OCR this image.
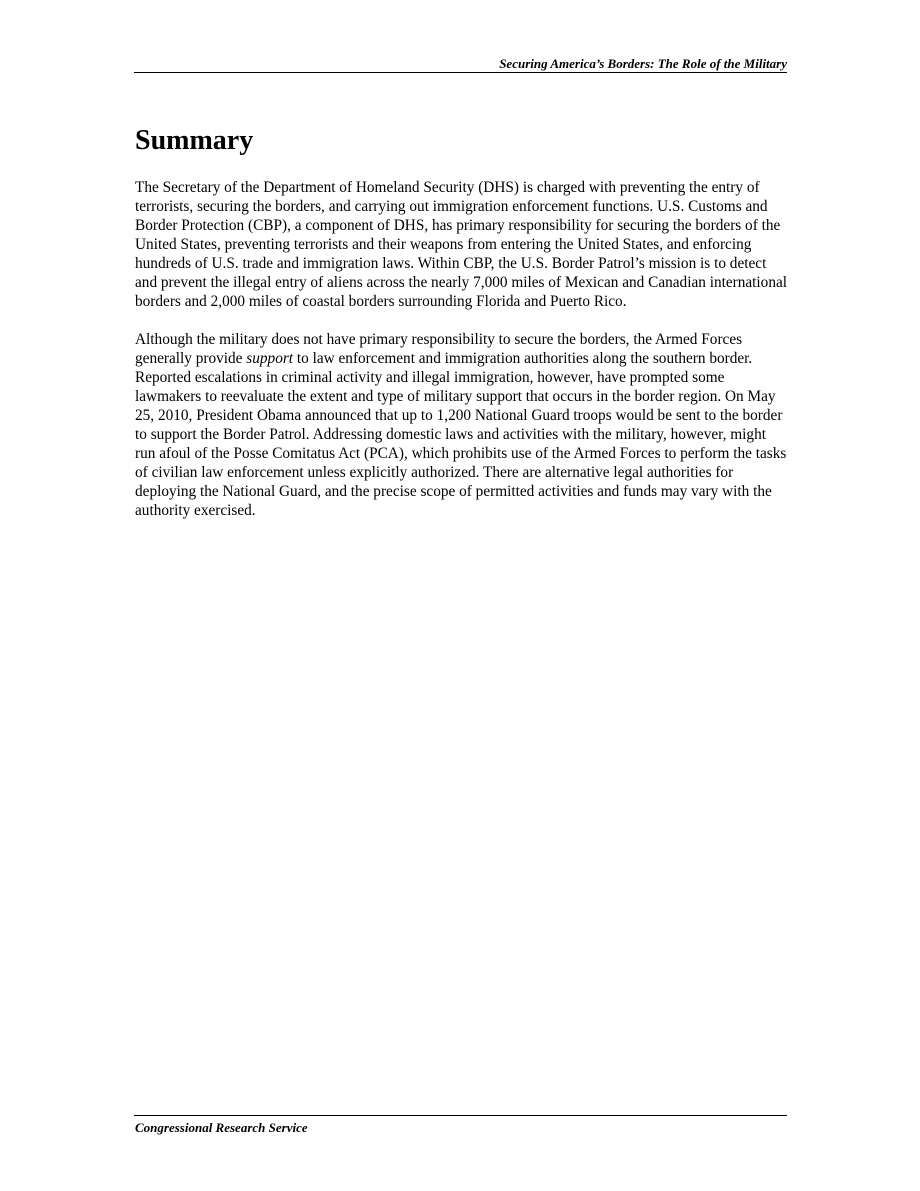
Securing America’s Borders: The Role of the Military
Summary

The Secretary of the Department of Homeland Security (DHS) is charged with preventing the entry of terrorists, securing the borders, and carrying out immigration enforcement functions. U.S. Customs and Border Protection (CBP), a component of DHS, has primary responsibility for securing the borders of the United States, preventing terrorists and their weapons from entering the United States, and enforcing hundreds of U.S. trade and immigration laws. Within CBP, the U.S. Border Patrol’s mission is to detect and prevent the illegal entry of aliens across the nearly 7,000 miles of Mexican and Canadian international borders and 2,000 miles of coastal borders surrounding Florida and Puerto Rico.

Although the military does not have primary responsibility to secure the borders, the Armed Forces generally provide support to law enforcement and immigration authorities along the southern border. Reported escalations in criminal activity and illegal immigration, however, have prompted some lawmakers to reevaluate the extent and type of military support that occurs in the border region. On May 25, 2010, President Obama announced that up to 1,200 National Guard troops would be sent to the border to support the Border Patrol. Addressing domestic laws and activities with the military, however, might run afoul of the Posse Comitatus Act (PCA), which prohibits use of the Armed Forces to perform the tasks of civilian law enforcement unless explicitly authorized. There are alternative legal authorities for deploying the National Guard, and the precise scope of permitted activities and funds may vary with the authority exercised.

Congressional Research Service
